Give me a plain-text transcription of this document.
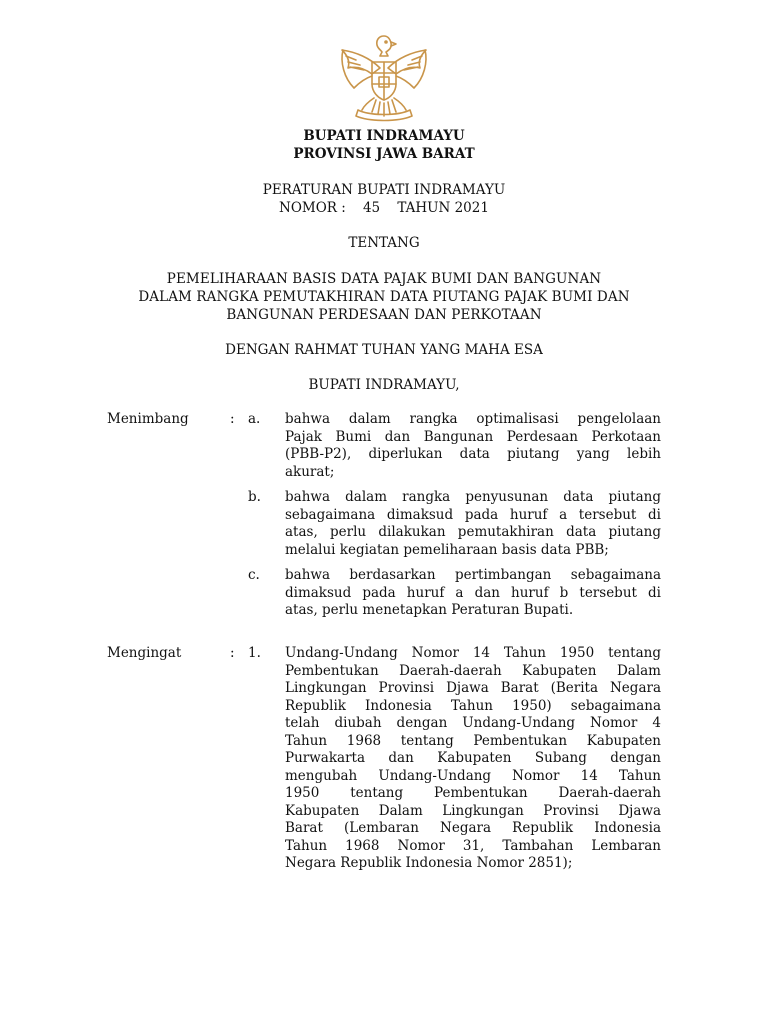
BUPATI INDRAMAYU
PROVINSI JAWA BARAT
PERATURAN BUPATI INDRAMAYU
NOMOR :    45    TAHUN 2021
TENTANG
PEMELIHARAAN BASIS DATA PAJAK BUMI DAN BANGUNAN
DALAM RANGKA PEMUTAKHIRAN DATA PIUTANG PAJAK BUMI DAN
BANGUNAN PERDESAAN DAN PERKOTAAN
DENGAN RAHMAT TUHAN YANG MAHA ESA
BUPATI INDRAMAYU,
Menimbang	: a. bahwa dalam rangka optimalisasi pengelolaan
Pajak Bumi dan Bangunan Perdesaan Perkotaan
(PBB-P2), diperlukan data piutang yang lebih
akurat;
b. bahwa dalam rangka penyusunan data piutang
sebagaimana dimaksud pada huruf a tersebut di
atas, perlu dilakukan pemutakhiran data piutang
melalui kegiatan pemeliharaan basis data PBB;
c. bahwa berdasarkan pertimbangan sebagaimana
dimaksud pada huruf a dan huruf b tersebut di
atas, perlu menetapkan Peraturan Bupati.
Mengingat	: 1. Undang-Undang Nomor 14 Tahun 1950 tentang
Pembentukan Daerah-daerah Kabupaten Dalam
Lingkungan Provinsi Djawa Barat (Berita Negara
Republik Indonesia Tahun 1950) sebagaimana
telah diubah dengan Undang-Undang Nomor 4
Tahun 1968 tentang Pembentukan Kabupaten
Purwakarta dan Kabupaten Subang dengan
mengubah Undang-Undang Nomor 14 Tahun
1950 tentang Pembentukan Daerah-daerah
Kabupaten Dalam Lingkungan Provinsi Djawa
Barat (Lembaran Negara Republik Indonesia
Tahun 1968 Nomor 31, Tambahan Lembaran
Negara Republik Indonesia Nomor 2851);
